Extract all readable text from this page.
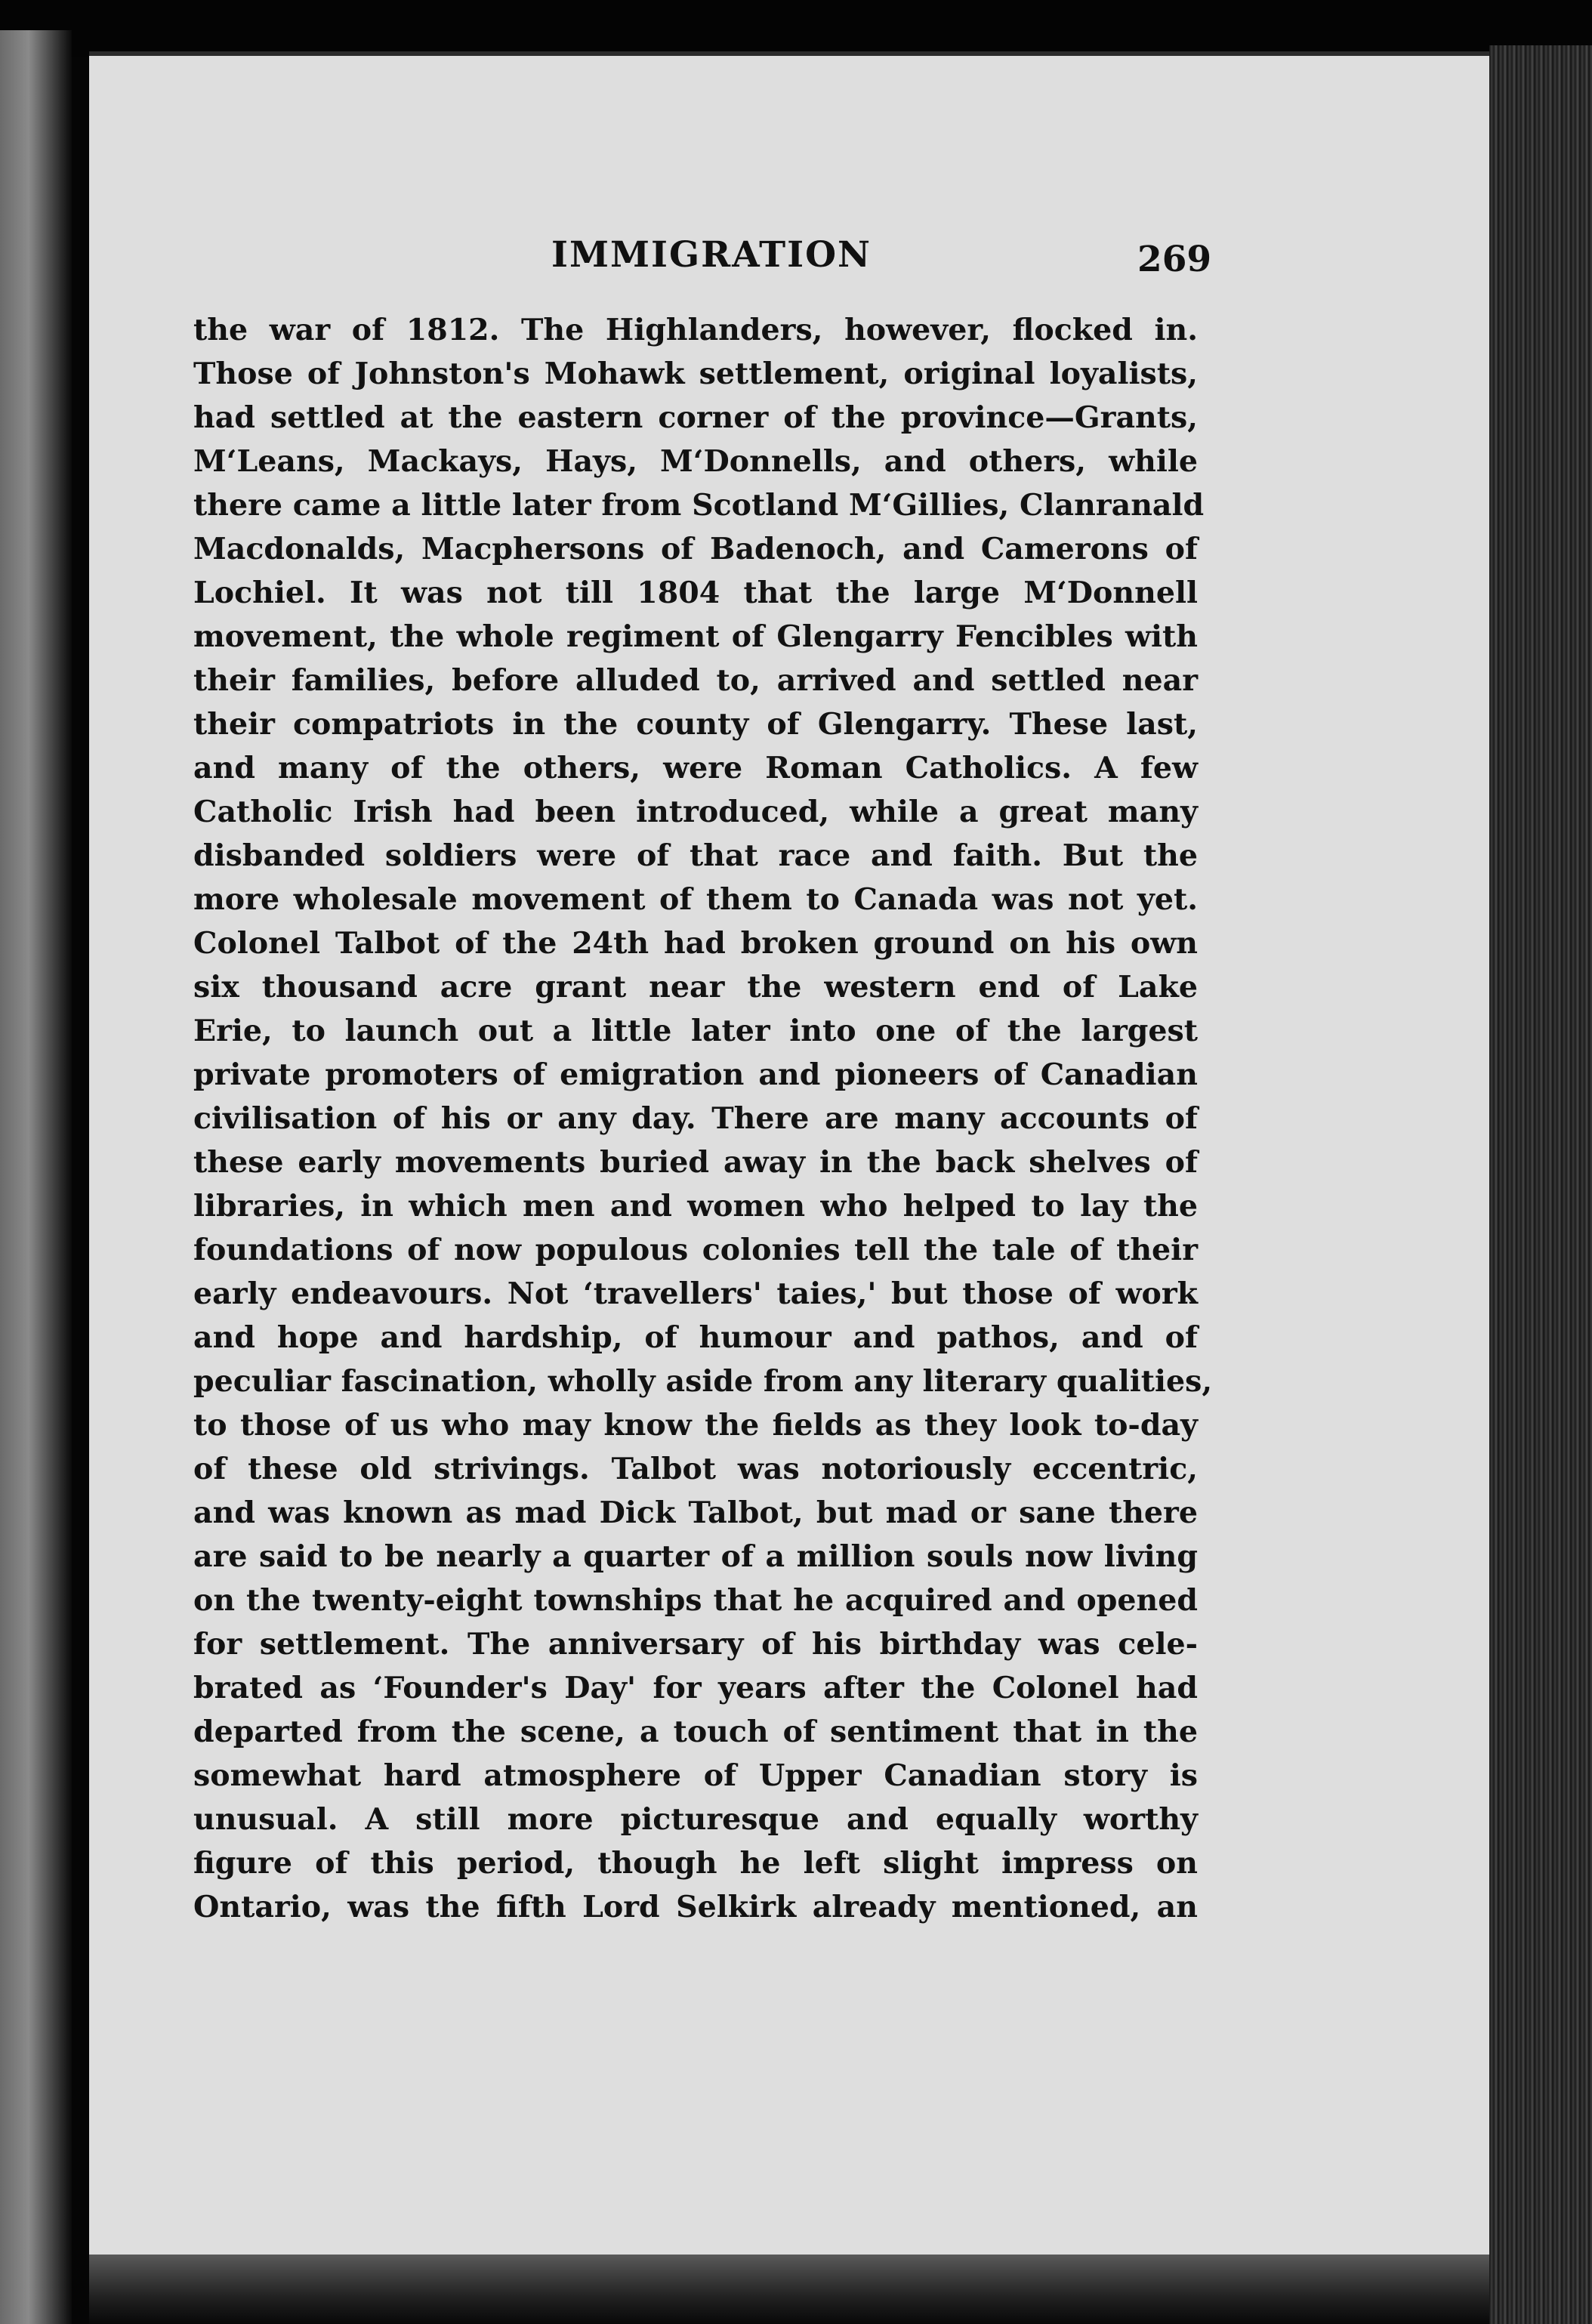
IMMIGRATION	269
the war of 1812. The Highlanders, however, flocked in.
Those of Johnston's Mohawk settlement, original loyalists,
had settled at the eastern corner of the province—Grants,
M‘Leans, Mackays, Hays, M‘Donnells, and others, while
there came a little later from Scotland M‘Gillies, Clanranald
Macdonalds, Macphersons of Badenoch, and Camerons of
Lochiel. It was not till 1804 that the large M‘Donnell
movement, the whole regiment of Glengarry Fencibles with
their families, before alluded to, arrived and settled near
their compatriots in the county of Glengarry. These last,
and many of the others, were Roman Catholics. A few
Catholic Irish had been introduced, while a great many
disbanded soldiers were of that race and faith. But the
more wholesale movement of them to Canada was not yet.
Colonel Talbot of the 24th had broken ground on his own
six thousand acre grant near the western end of Lake
Erie, to launch out a little later into one of the largest
private promoters of emigration and pioneers of Canadian
civilisation of his or any day. There are many accounts of
these early movements buried away in the back shelves of
libraries, in which men and women who helped to lay the
foundations of now populous colonies tell the tale of their
early endeavours. Not ‘travellers' taies,' but those of work
and hope and hardship, of humour and pathos, and of
peculiar fascination, wholly aside from any literary qualities,
to those of us who may know the fields as they look to-day
of these old strivings. Talbot was notoriously eccentric,
and was known as mad Dick Talbot, but mad or sane there
are said to be nearly a quarter of a million souls now living
on the twenty-eight townships that he acquired and opened
for settlement. The anniversary of his birthday was cele-
brated as ‘Founder's Day' for years after the Colonel had
departed from the scene, a touch of sentiment that in the
somewhat hard atmosphere of Upper Canadian story is
unusual. A still more picturesque and equally worthy
figure of this period, though he left slight impress on
Ontario, was the fifth Lord Selkirk already mentioned, an
